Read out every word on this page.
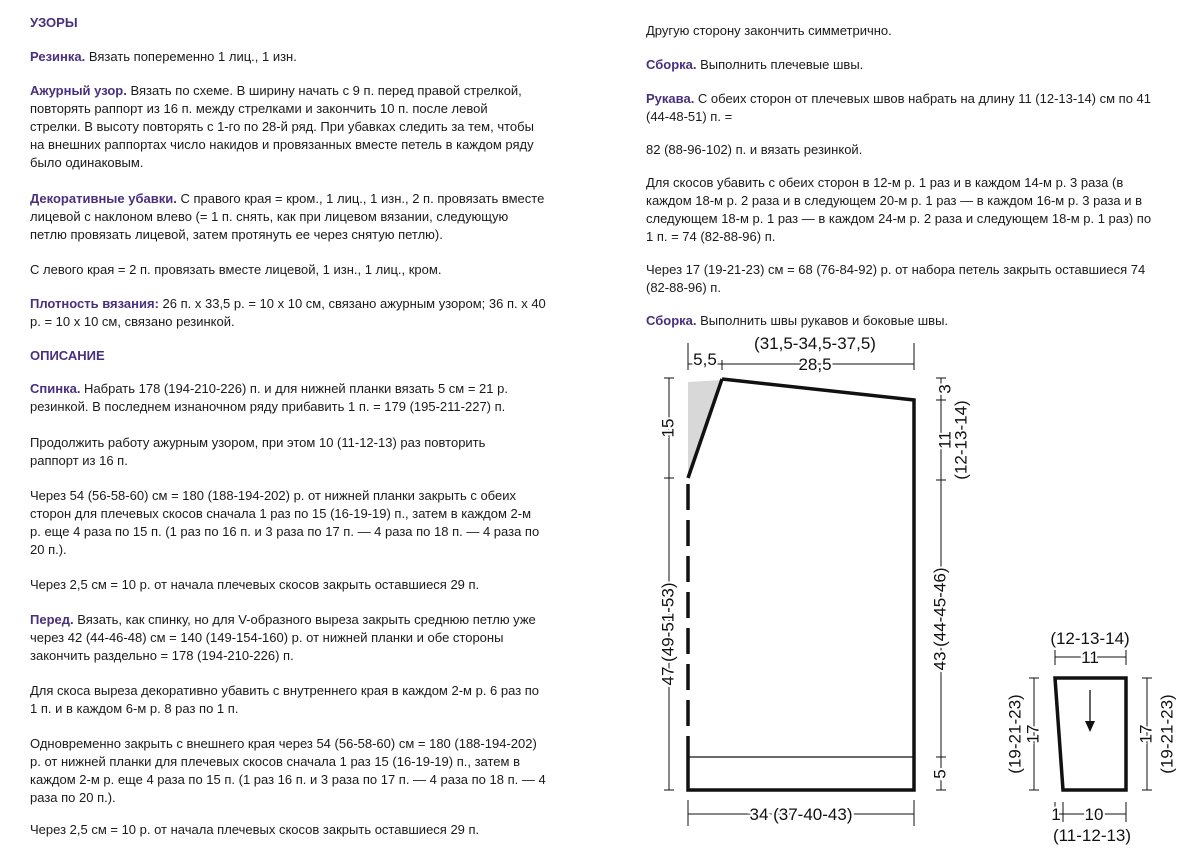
УЗОРЫ
Резинка. Вязать попеременно 1 лиц., 1 изн.
Ажурный узор. Вязать по схеме. В ширину начать с 9 п. перед правой стрелкой,
повторять раппорт из 16 п. между стрелками и закончить 10 п. после левой
стрелки. В высоту повторять с 1-го по 28-й ряд. При убавках следить за тем, чтобы
на внешних раппортах число накидов и провязанных вместе петель в каждом ряду
было одинаковым.
Декоративные убавки. С правого края = кром., 1 лиц., 1 изн., 2 п. провязать вместе
лицевой с наклоном влево (= 1 п. снять, как при лицевом вязании, следующую
петлю провязать лицевой, затем протянуть ее через снятую петлю).
С левого края = 2 п. провязать вместе лицевой, 1 изн., 1 лиц., кром.
Плотность вязания: 26 п. х 33,5 р. = 10 х 10 см, связано ажурным узором; 36 п. х 40
р. = 10 х 10 см, связано резинкой.
ОПИСАНИЕ
Спинка. Набрать 178 (194-210-226) п. и для нижней планки вязать 5 см = 21 р.
резинкой. В последнем изнаночном ряду прибавить 1 п. = 179 (195-211-227) п.
Продолжить работу ажурным узором, при этом 10 (11-12-13) раз повторить
раппорт из 16 п.
Через 54 (56-58-60) см = 180 (188-194-202) р. от нижней планки закрыть с обеих
сторон для плечевых скосов сначала 1 раз по 15 (16-19-19) п., затем в каждом 2-м
р. еще 4 раза по 15 п. (1 раз по 16 п. и 3 раза по 17 п. — 4 раза по 18 п. — 4 раза по
20 п.).
Через 2,5 см = 10 р. от начала плечевых скосов закрыть оставшиеся 29 п.
Перед. Вязать, как спинку, но для V-образного выреза закрыть среднюю петлю уже
через 42 (44-46-48) см = 140 (149-154-160) р. от нижней планки и обе стороны
закончить раздельно = 178 (194-210-226) п.
Для скоса выреза декоративно убавить с внутреннего края в каждом 2-м р. 6 раз по
1 п. и в каждом 6-м р. 8 раз по 1 п.
Одновременно закрыть с внешнего края через 54 (56-58-60) см = 180 (188-194-202)
р. от нижней планки для плечевых скосов сначала 1 раз 15 (16-19-19) п., затем в
каждом 2-м р. еще 4 раза по 15 п. (1 раз 16 п. и 3 раза по 17 п. — 4 раза по 18 п. — 4
раза по 20 п.).
Через 2,5 см = 10 р. от начала плечевых скосов закрыть оставшиеся 29 п.
Другую сторону закончить симметрично.
Сборка. Выполнить плечевые швы.
Рукава. С обеих сторон от плечевых швов набрать на длину 11 (12-13-14) см по 41
(44-48-51) п. =
82 (88-96-102) п. и вязать резинкой.
Для скосов убавить с обеих сторон в 12-м р. 1 раз и в каждом 14-м р. 3 раза (в
каждом 18-м р. 2 раза и в следующем 20-м р. 1 раз — в каждом 16-м р. 3 раза и в
следующем 18-м р. 1 раз — в каждом 24-м р. 2 раза и следующем 18-м р. 1 раз) по
1 п. = 74 (82-88-96) п.
Через 17 (19-21-23) см = 68 (76-84-92) р. от набора петель закрыть оставшиеся 74
(82-88-96) п.
Сборка. Выполнить швы рукавов и боковые швы.
5,5
(31,5-34,5-37,5)
28,5
3
11
(12-13-14)
43 (44-45-46)
5
15
47 (49-51-53)
34 (37-40-43)
(12-13-14)
11
17
(19-21-23)	17 (19-21-23)
1 10
(11-12-13)
